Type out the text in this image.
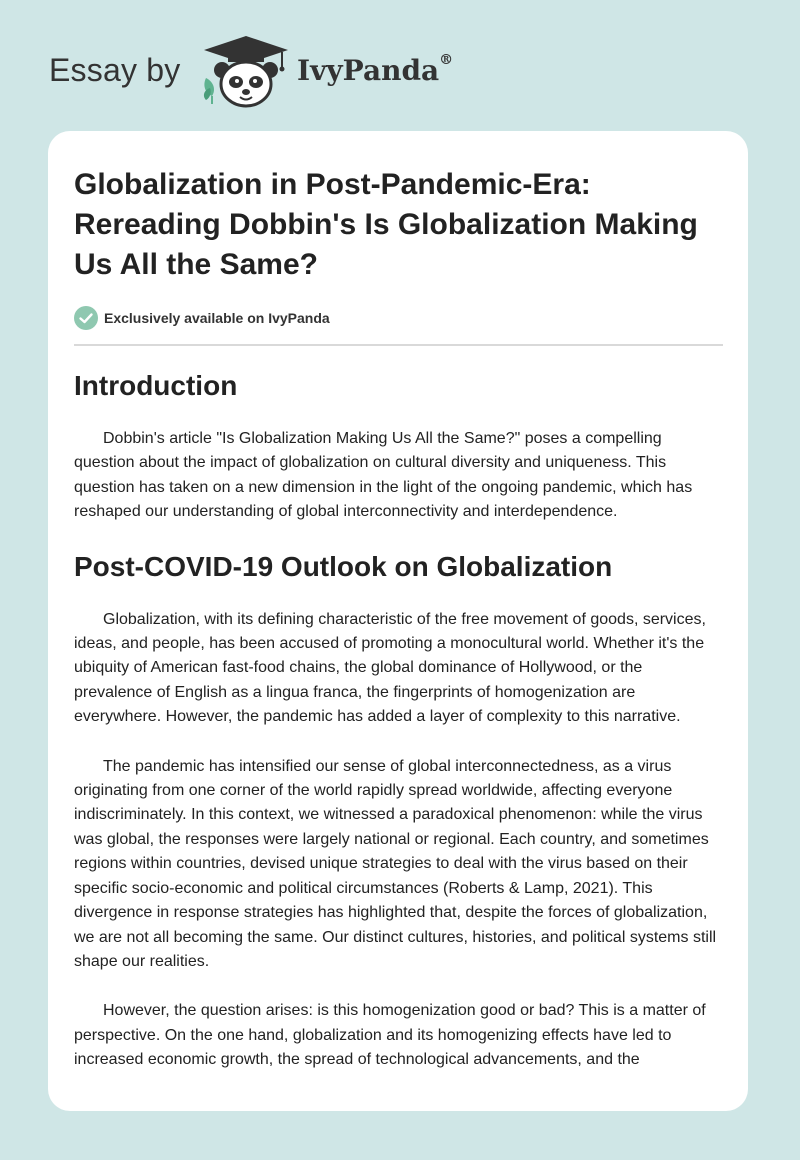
Essay by	IvyPanda®
Globalization in Post-Pandemic-Era: Rereading Dobbin's Is Globalization Making Us All the Same?
Exclusively available on IvyPanda
Introduction

Dobbin's article "Is Globalization Making Us All the Same?" poses a compelling question about the impact of globalization on cultural diversity and uniqueness. This question has taken on a new dimension in the light of the ongoing pandemic, which has reshaped our understanding of global interconnectivity and interdependence.

Post-COVID-19 Outlook on Globalization

Globalization, with its defining characteristic of the free movement of goods, services, ideas, and people, has been accused of promoting a monocultural world. Whether it's the ubiquity of American fast-food chains, the global dominance of Hollywood, or the prevalence of English as a lingua franca, the fingerprints of homogenization are everywhere. However, the pandemic has added a layer of complexity to this narrative.

The pandemic has intensified our sense of global interconnectedness, as a virus originating from one corner of the world rapidly spread worldwide, affecting everyone indiscriminately. In this context, we witnessed a paradoxical phenomenon: while the virus was global, the responses were largely national or regional. Each country, and sometimes regions within countries, devised unique strategies to deal with the virus based on their specific socio-economic and political circumstances (Roberts & Lamp, 2021). This divergence in response strategies has highlighted that, despite the forces of globalization, we are not all becoming the same. Our distinct cultures, histories, and political systems still shape our realities.

However, the question arises: is this homogenization good or bad? This is a matter of perspective. On the one hand, globalization and its homogenizing effects have led to increased economic growth, the spread of technological advancements, and the
